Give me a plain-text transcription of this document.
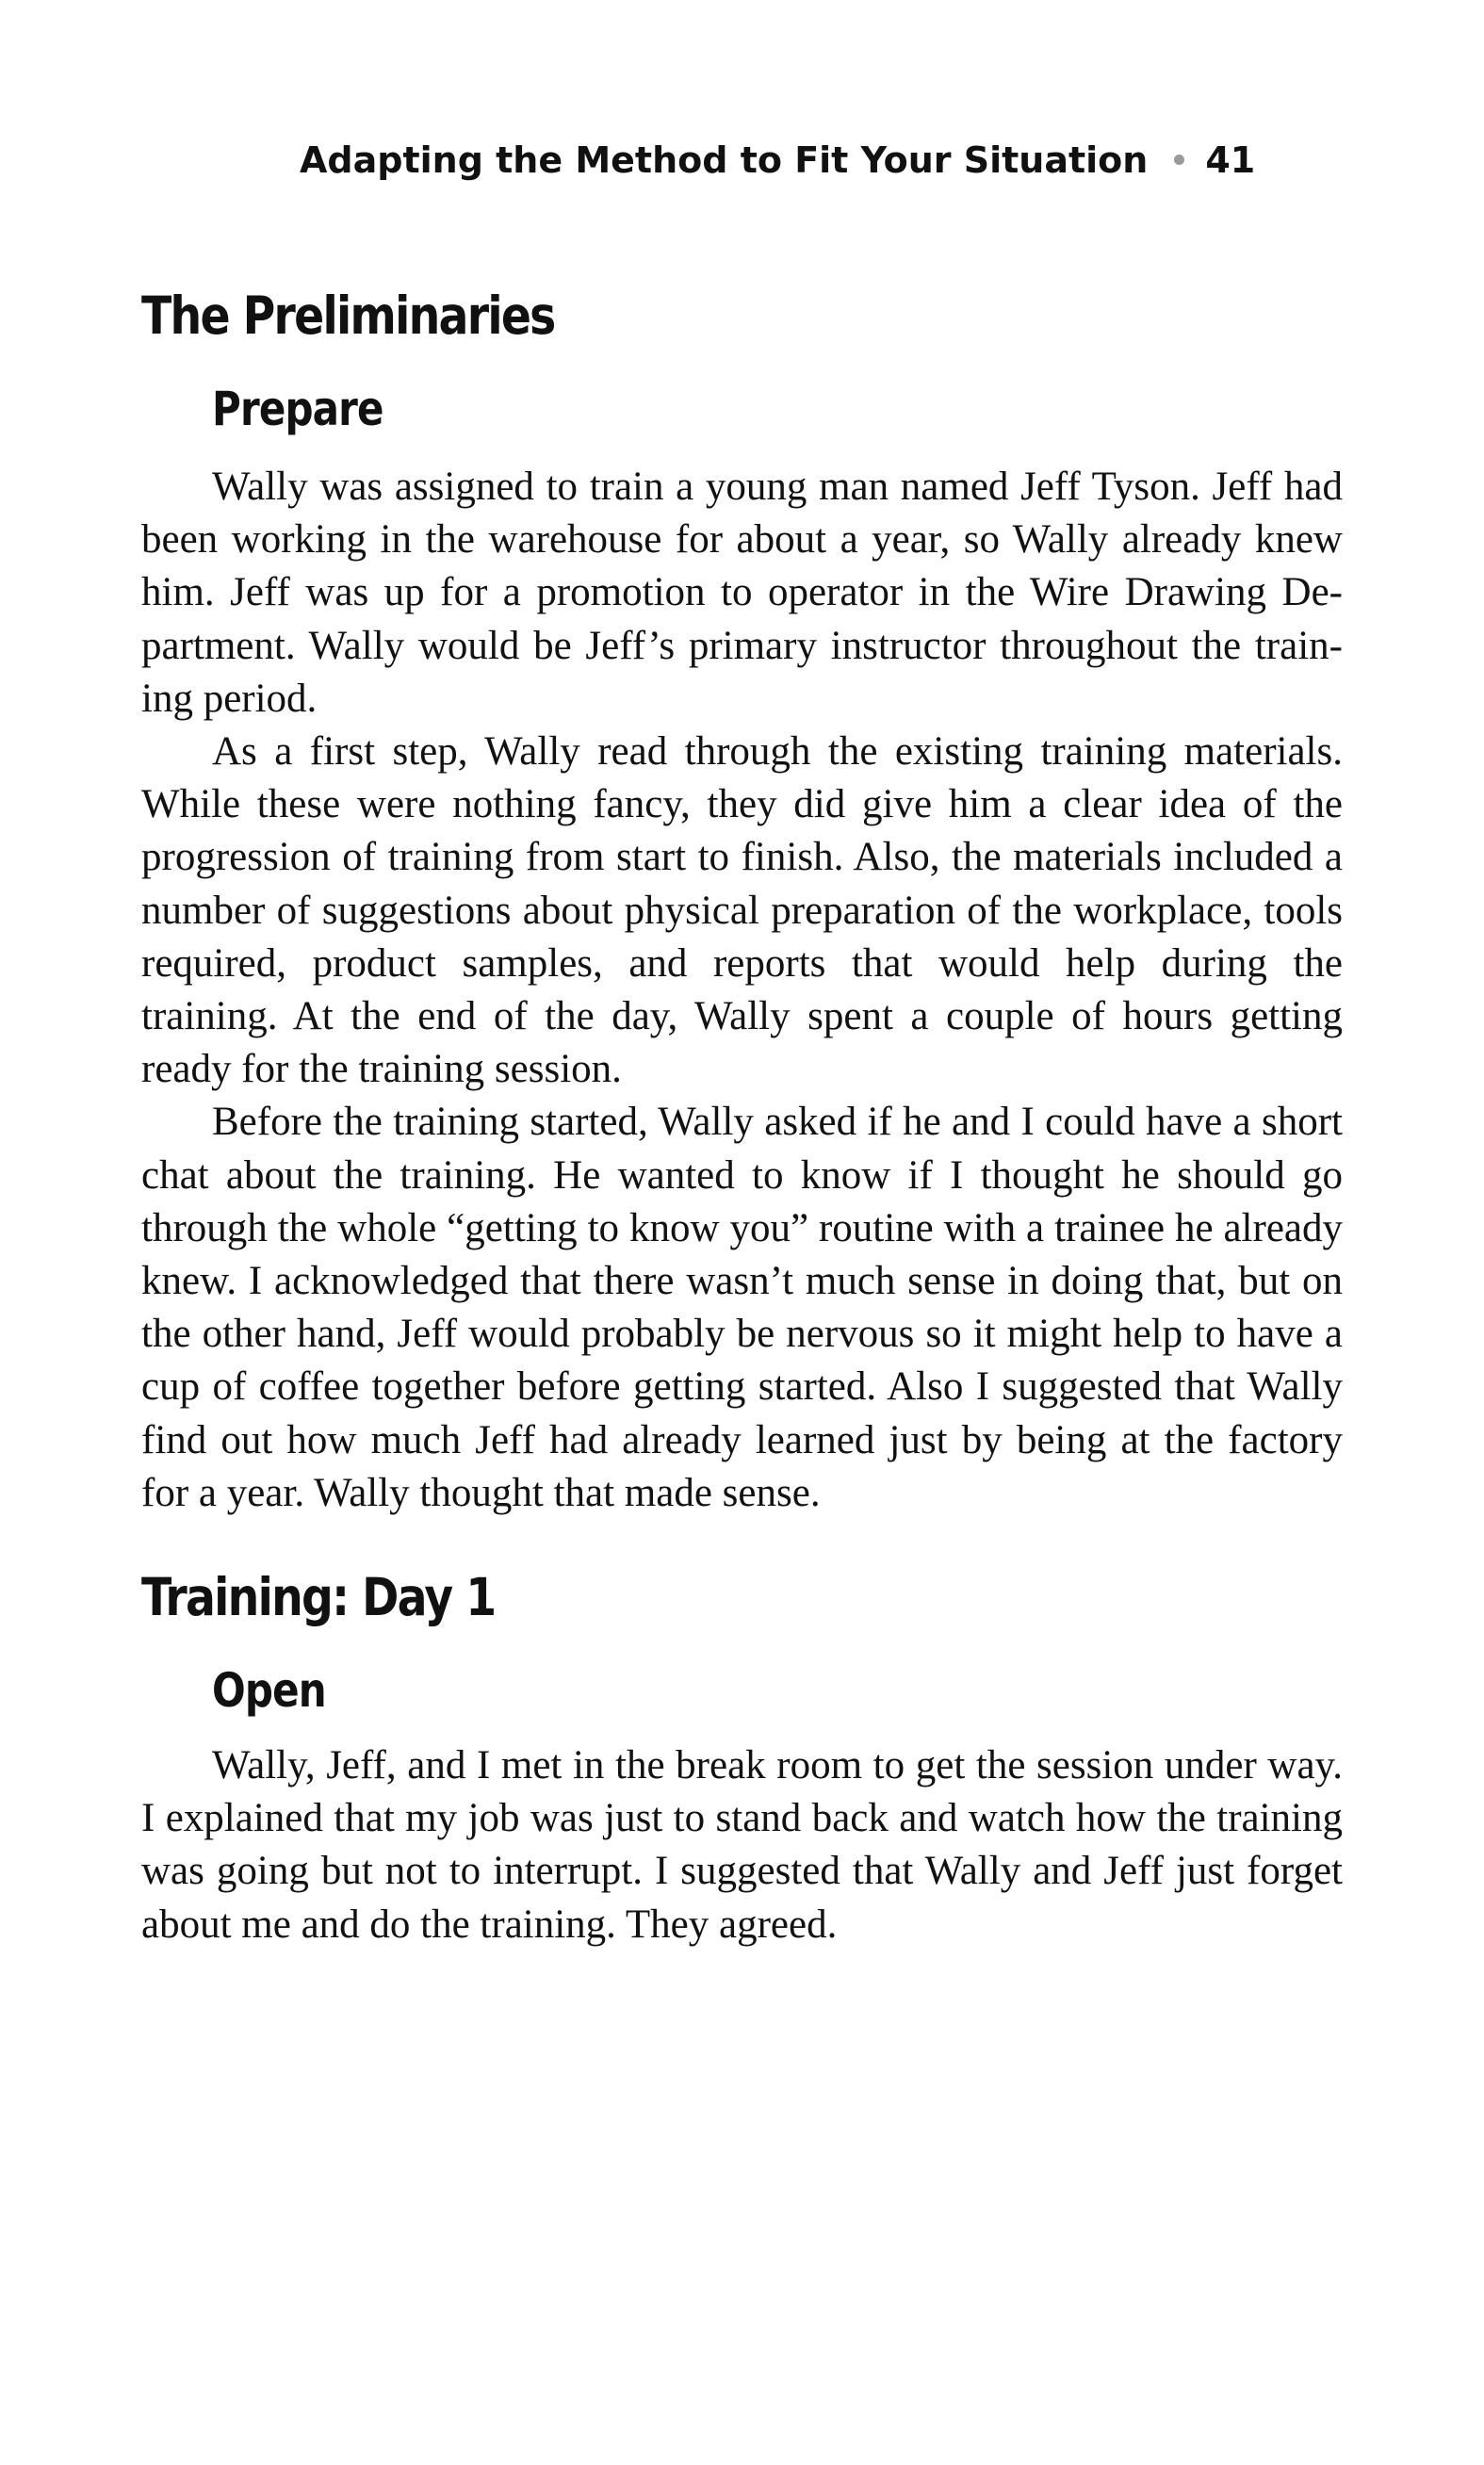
Adapting the Method to Fit Your Situation 41
The Preliminaries
Prepare

Wally was assigned to train a young man named Jeff Tyson. Jeff had been working in the warehouse for about a year, so Wally already knew him. Jeff was up for a promotion to operator in the Wire Drawing Department. Wally would be Jeff’s primary instructor throughout the training period.

As a first step, Wally read through the existing training materials. While these were nothing fancy, they did give him a clear idea of the progression of training from start to finish. Also, the materials included a number of suggestions about physical preparation of the workplace, tools required, product samples, and reports that would help during the training. At the end of the day, Wally spent a couple of hours getting ready for the training session.

Before the training started, Wally asked if he and I could have a short chat about the training. He wanted to know if I thought he should go through the whole “getting to know you” routine with a trainee he already knew. I acknowledged that there wasn’t much sense in doing that, but on the other hand, Jeff would probably be nervous so it might help to have a cup of coffee together before getting started. Also I suggested that Wally find out how much Jeff had already learned just by being at the factory for a year. Wally thought that made sense.

Training: Day 1
Open

Wally, Jeff, and I met in the break room to get the session under way. I explained that my job was just to stand back and watch how the training was going but not to interrupt. I suggested that Wally and Jeff just forget about me and do the training. They agreed.
